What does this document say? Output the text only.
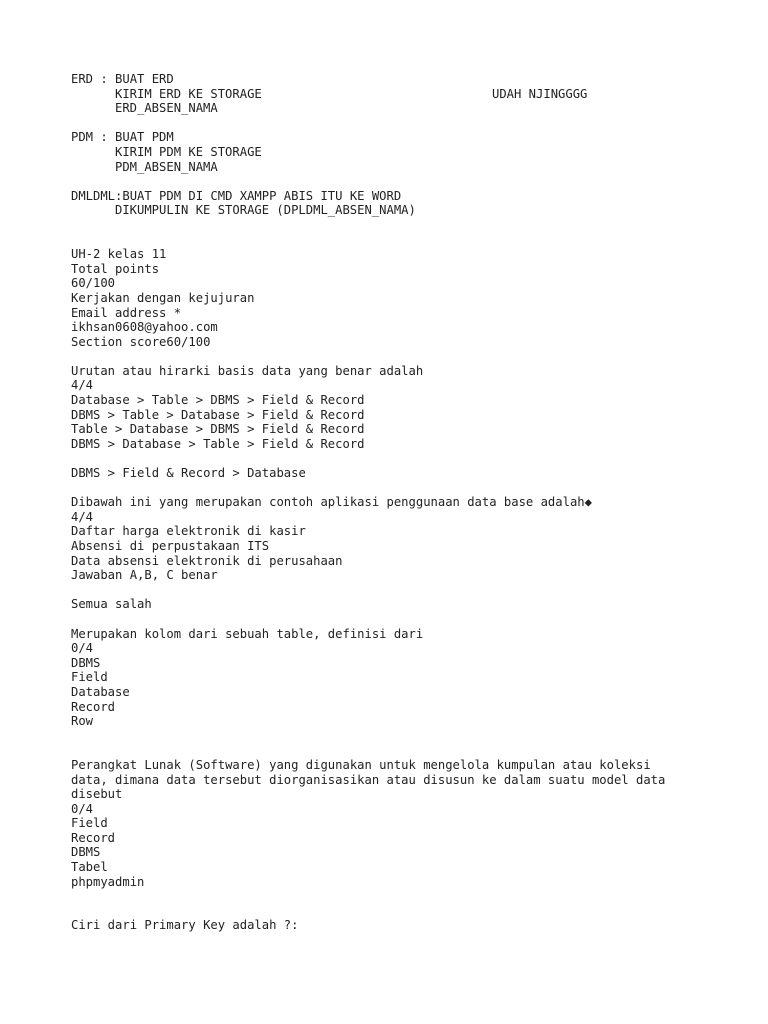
ERD : BUAT ERD
KIRIM ERD KE STORAGE	UDAH NJINGGGG
ERD_ABSEN_NAMA
PDM : BUAT PDM
KIRIM PDM KE STORAGE
PDM_ABSEN_NAMA
DMLDML:BUAT PDM DI CMD XAMPP ABIS ITU KE WORD
DIKUMPULIN KE STORAGE (DPLDML_ABSEN_NAMA)
UH-2 kelas 11
Total points
60/100
Kerjakan dengan kejujuran
Email address *
ikhsan0608@yahoo.com
Section score60/100
Urutan atau hirarki basis data yang benar adalah
4/4
Database > Table > DBMS > Field & Record
DBMS > Table > Database > Field & Record
Table > Database > DBMS > Field & Record
DBMS > Database > Table > Field & Record
DBMS > Field & Record > Database
Dibawah ini yang merupakan contoh aplikasi penggunaan data base adalah◆
4/4
Daftar harga elektronik di kasir
Absensi di perpustakaan ITS
Data absensi elektronik di perusahaan
Jawaban A,B, C benar
Semua salah
Merupakan kolom dari sebuah table, definisi dari
0/4
DBMS
Field
Database
Record
Row
Perangkat Lunak (Software) yang digunakan untuk mengelola kumpulan atau koleksi
data, dimana data tersebut diorganisasikan atau disusun ke dalam suatu model data
disebut
0/4
Field
Record
DBMS
Tabel
phpmyadmin
Ciri dari Primary Key adalah ?:
